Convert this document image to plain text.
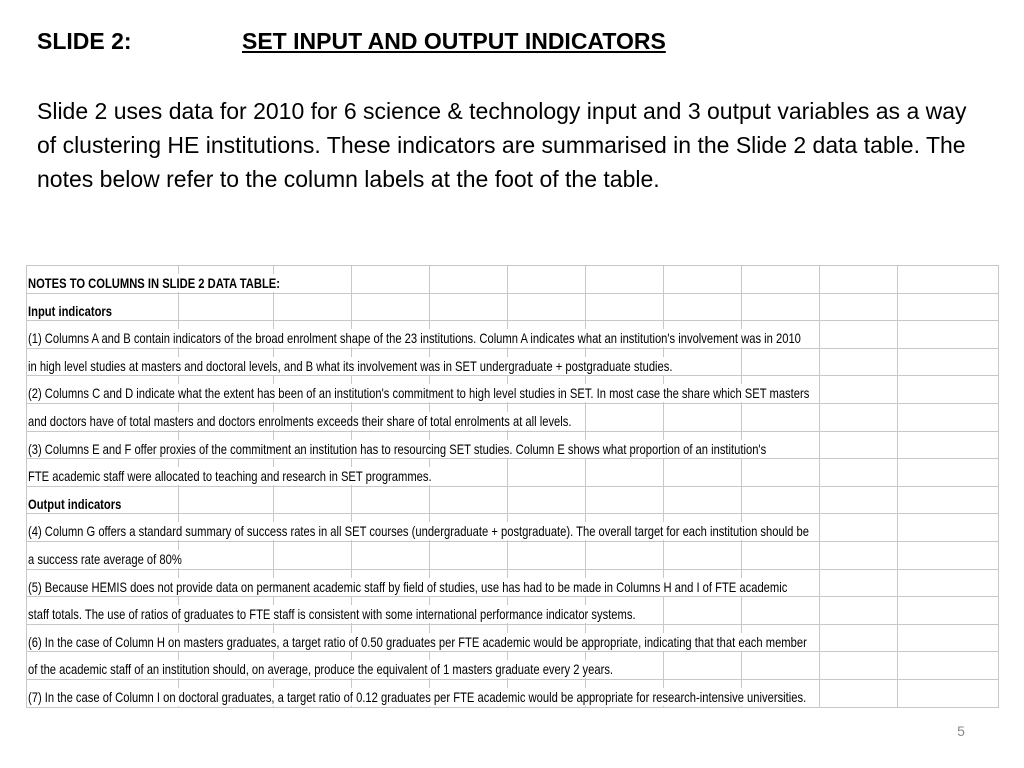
SLIDE 2:	SET INPUT AND OUTPUT INDICATORS
Slide 2 uses data for 2010 for 6 science & technology input and 3 output variables as a way of clustering HE institutions. These indicators are summarised in the Slide 2 data table. The notes below refer to the column labels at the foot of the table.
NOTES TO COLUMNS IN SLIDE 2 DATA TABLE:
Input indicators
(1) Columns A and B contain indicators of the broad enrolment shape of the 23 institutions. Column A indicates what an institution's involvement was in 2010
in high level studies at masters and doctoral levels, and B what its involvement was in SET undergraduate + postgraduate studies.
(2) Columns C and D indicate what the extent has been of an institution's commitment to high level studies in SET. In most case the share which SET masters
and doctors have of total masters and doctors enrolments exceeds their share of total enrolments at all levels.
(3) Columns E and F offer proxies of the commitment an institution has to resourcing SET studies. Column E shows what proportion of an institution's
FTE academic staff were allocated to teaching and research in SET programmes.
Output indicators
(4) Column G offers a standard summary of success rates in all SET courses (undergraduate + postgraduate). The overall target for each institution should be
a success rate average of 80%
(5) Because HEMIS does not provide data on permanent academic staff by field of studies, use has had to be made in Columns H and I of FTE academic
staff totals. The use of ratios of graduates to FTE staff is consistent with some international performance indicator systems.
(6) In the case of Column H on masters graduates, a target ratio of 0.50 graduates per FTE academic would be appropriate, indicating that that each member
of the academic staff of an institution should, on average, produce the equivalent of 1 masters graduate every 2 years.
(7) In the case of Column I on doctoral graduates, a target ratio of 0.12 graduates per FTE academic would be appropriate for research-intensive universities.
5
